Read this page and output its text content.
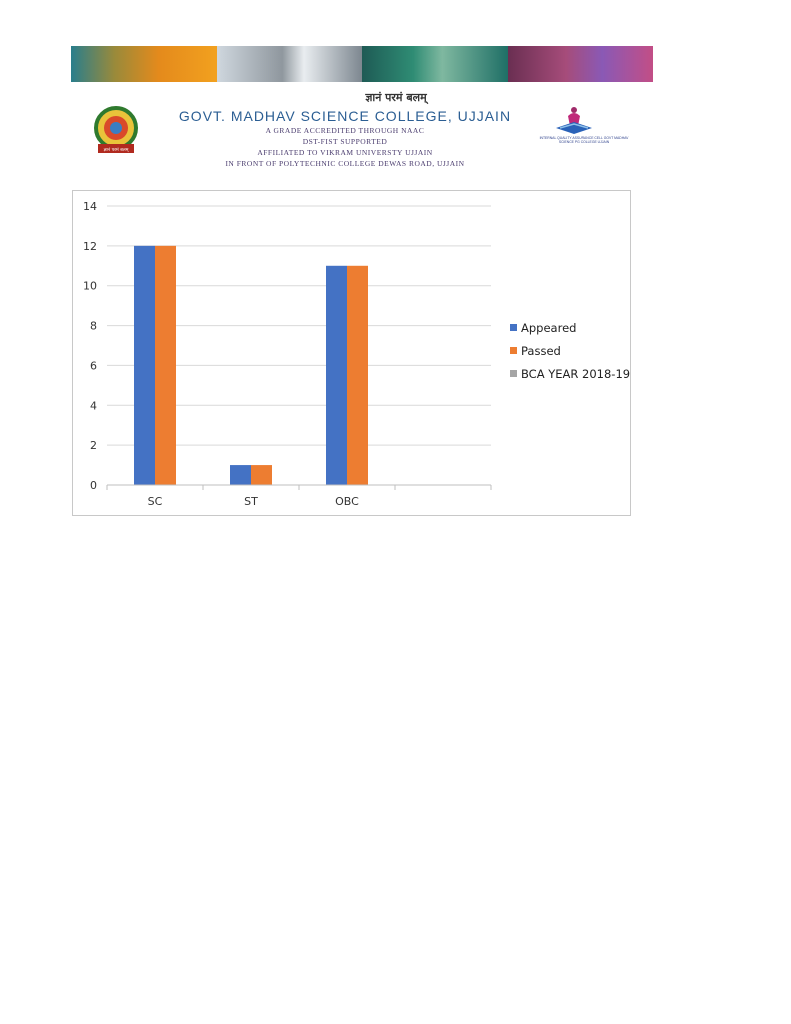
ज्ञानं परमं बलम्
ज्ञानं परमं बलम्
GOVT. MADHAV SCIENCE COLLEGE, UJJAIN
A GRADE ACCREDITED THROUGH NAAC
DST-FIST SUPPORTED
AFFILIATED TO VIKRAM UNIVERSTY UJJAIN
IN FRONT OF POLYTECHNIC COLLEGE DEWAS ROAD, UJJAIN
INTERNAL QUALITY ASSURANCE CELL GOVT MADHAV SCIENCE PG COLLEGE UJJAIN
0
2
4
6
8
10
12
14
SC	ST	OBC
Appeared
Passed
BCA YEAR 2018-19
